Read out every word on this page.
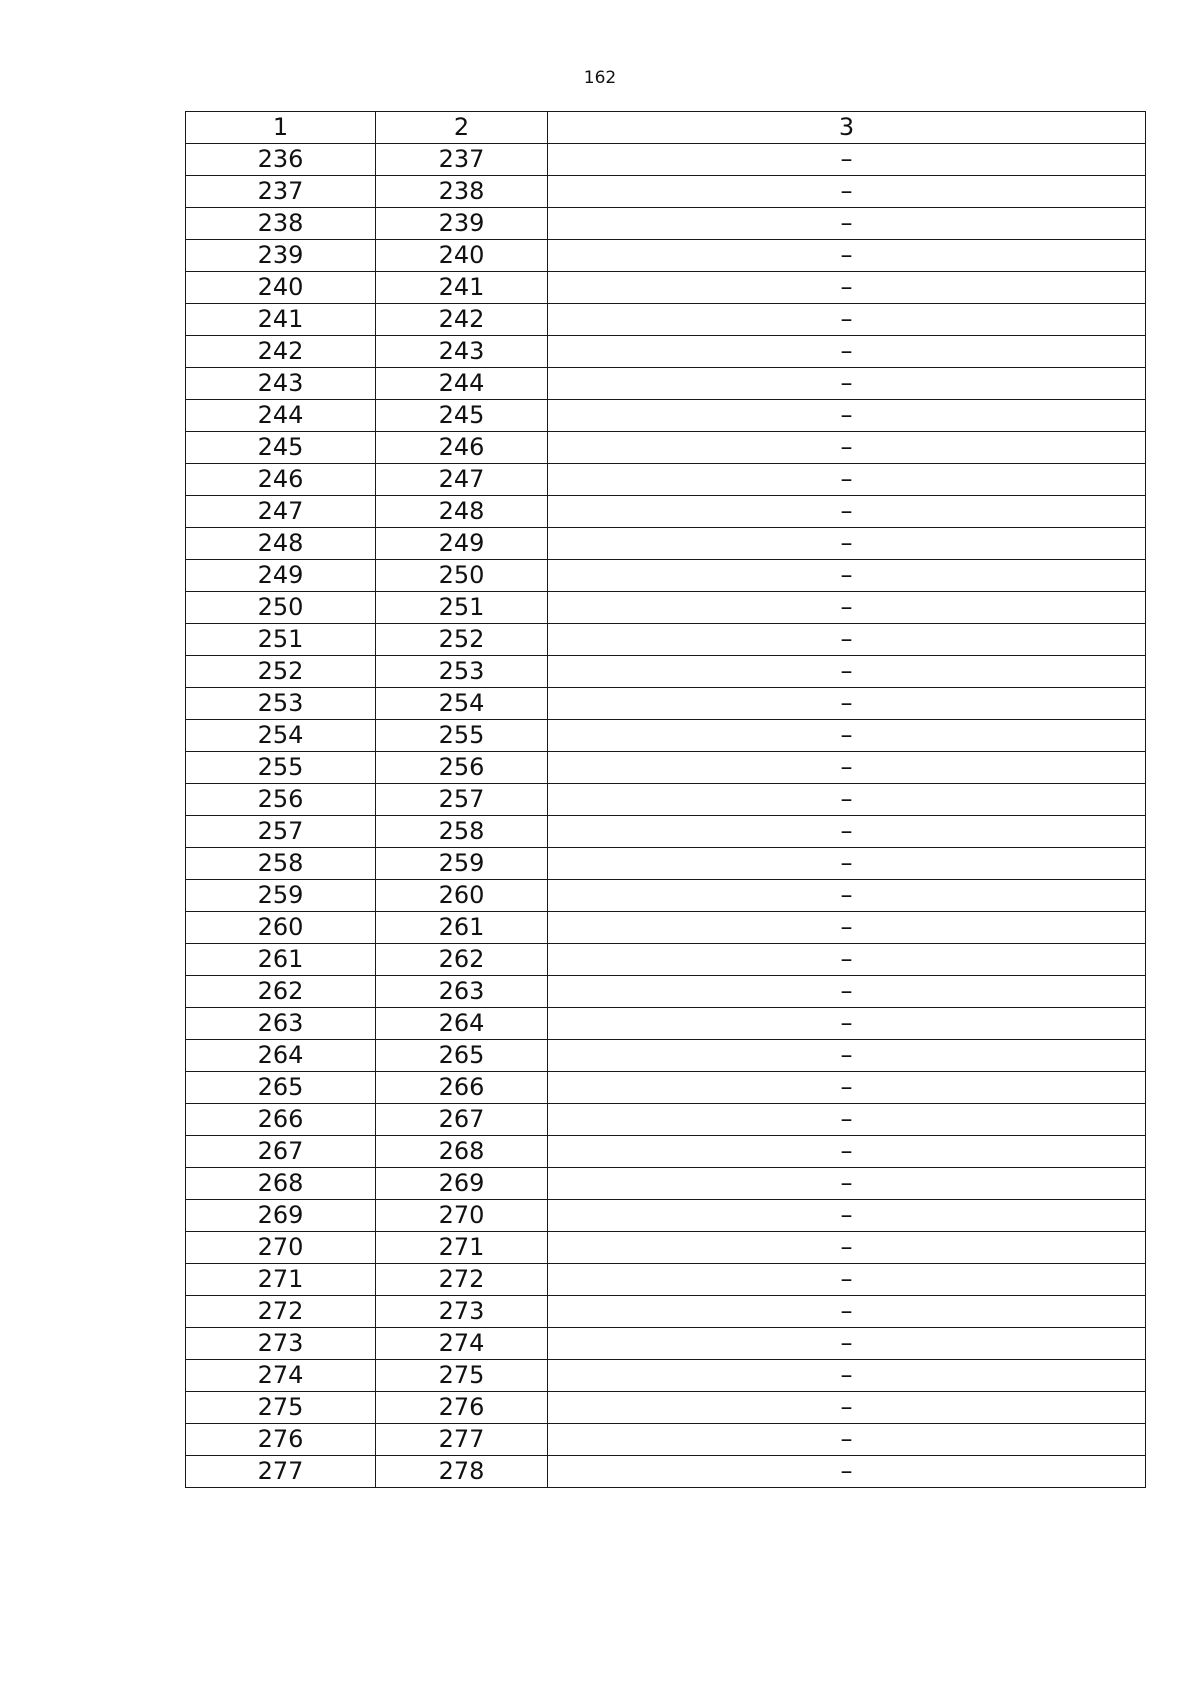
162
1	2	3
236	237	–
237	238	–
238	239	–
239	240	–
240	241	–
241	242	–
242	243	–
243	244	–
244	245	–
245	246	–
246	247	–
247	248	–
248	249	–
249	250	–
250	251	–
251	252	–
252	253	–
253	254	–
254	255	–
255	256	–
256	257	–
257	258	–
258	259	–
259	260	–
260	261	–
261	262	–
262	263	–
263	264	–
264	265	–
265	266	–
266	267	–
267	268	–
268	269	–
269	270	–
270	271	–
271	272	–
272	273	–
273	274	–
274	275	–
275	276	–
276	277	–
277	278	–
